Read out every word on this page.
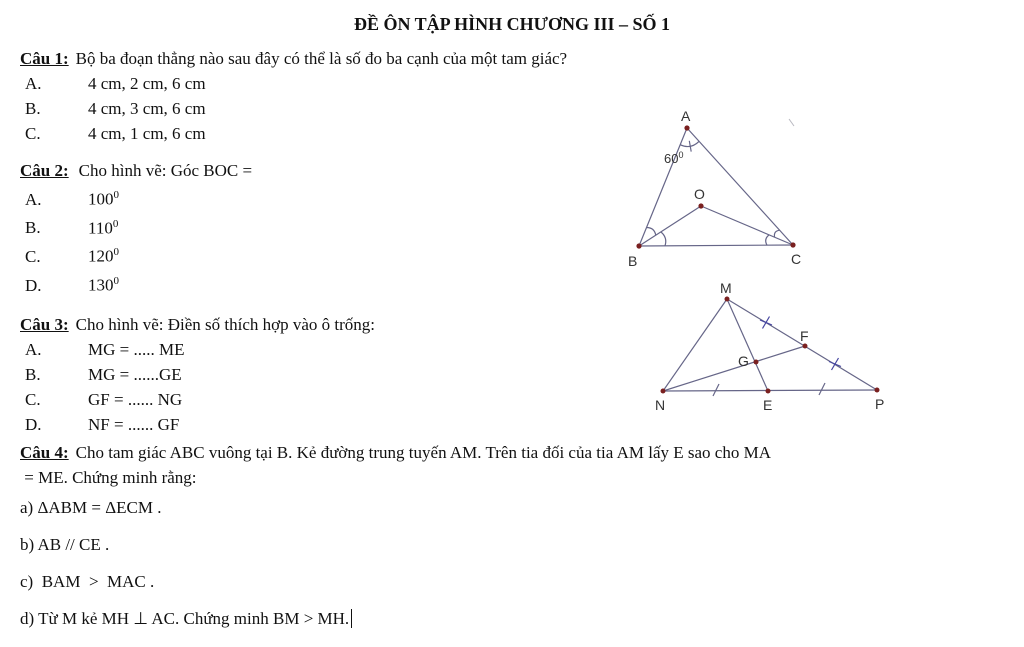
ĐỀ ÔN TẬP HÌNH CHƯƠNG III – SỐ 1
Câu 1: Bộ ba đoạn thẳng nào sau đây có thể là số đo ba cạnh của một tam giác?
A.	4 cm, 2 cm, 6 cm
B.	4 cm, 3 cm, 6 cm
C.	4 cm, 1 cm, 6 cm
Câu 2: Cho hình vẽ: Góc BOC =
A.	$100^0$
B.	$110^0$
C.	$120^0$
D.	$130^0$
Câu 3: Cho hình vẽ: Điền số thích hợp vào ô trống:
A.	MG = ..... ME
B.	MG = ......GE
C.	GF = ...... NG
D.	NF = ...... GF
Câu 4: Cho tam giác ABC vuông tại B. Kẻ đường trung tuyến AM. Trên tia đối của tia AM lấy E sao cho MA
= ME. Chứng minh rằng:
a) ΔABM = ΔECM .
b) AB // CE .
c)  BAM  >  MAC .
d) Từ M kẻ MH ⊥ AC. Chứng minh BM > MH.
A
O
B	C
$60^0$
M
N	P
E
F
G
